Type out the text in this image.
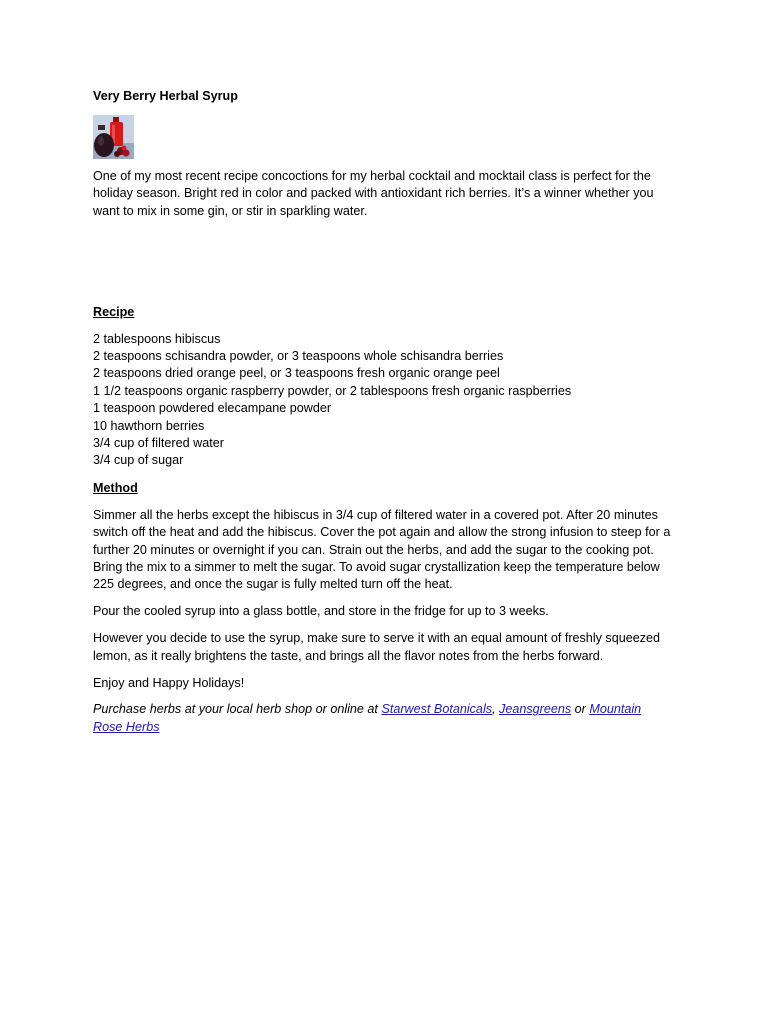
Very Berry Herbal Syrup

One of my most recent recipe concoctions for my herbal cocktail and mocktail class is perfect for the holiday season. Bright red in color and packed with antioxidant rich berries. It’s a winner whether you want to mix in some gin, or stir in sparkling water.

Recipe

2 tablespoons hibiscus
2 teaspoons schisandra powder, or 3 teaspoons whole schisandra berries
2 teaspoons dried orange peel, or 3 teaspoons fresh organic orange peel
1 1/2 teaspoons organic raspberry powder, or 2 tablespoons fresh organic raspberries
1 teaspoon powdered elecampane powder
10 hawthorn berries
3/4 cup of filtered water
3/4 cup of sugar

Method

Simmer all the herbs except the hibiscus in 3/4 cup of filtered water in a covered pot. After 20 minutes switch off the heat and add the hibiscus. Cover the pot again and allow the strong infusion to steep for a further 20 minutes or overnight if you can. Strain out the herbs, and add the sugar to the cooking pot. Bring the mix to a simmer to melt the sugar. To avoid sugar crystallization keep the temperature below 225 degrees, and once the sugar is fully melted turn off the heat.

Pour the cooled syrup into a glass bottle, and store in the fridge for up to 3 weeks.

However you decide to use the syrup, make sure to serve it with an equal amount of freshly squeezed lemon, as it really brightens the taste, and brings all the flavor notes from the herbs forward.

Enjoy and Happy Holidays!

Purchase herbs at your local herb shop or online at Starwest Botanicals, Jeansgreens or Mountain Rose Herbs
